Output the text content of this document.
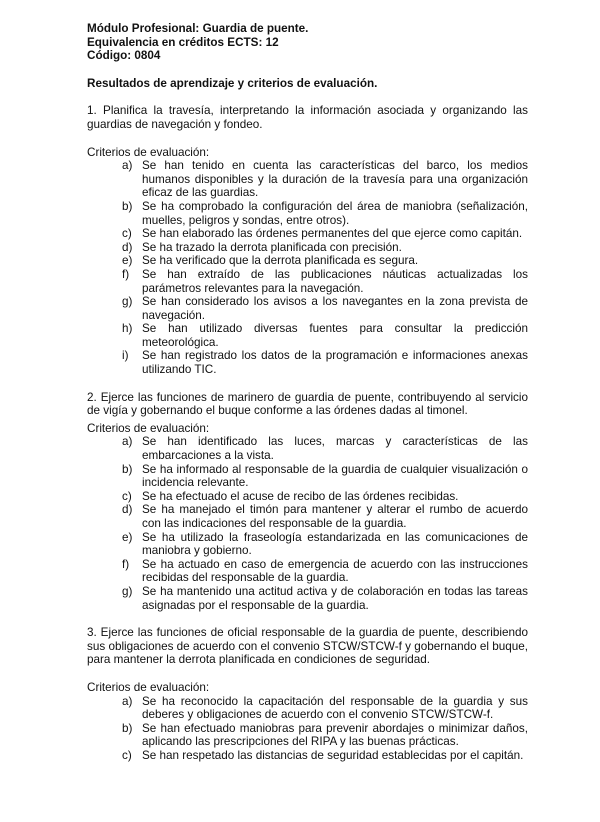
Módulo Profesional: Guardia de puente.
Equivalencia en créditos ECTS: 12
Código: 0804
Resultados de aprendizaje y criterios de evaluación.
1. Planifica la travesía, interpretando la información asociada y organizando las guardias de navegación y fondeo.
Criterios de evaluación:
a) Se han tenido en cuenta las características del barco, los medios humanos disponibles y la duración de la travesía para una organización eficaz de las guardias.
b) Se ha comprobado la configuración del área de maniobra (señalización, muelles, peligros y sondas, entre otros).
c) Se han elaborado las órdenes permanentes del que ejerce como capitán.
d) Se ha trazado la derrota planificada con precisión.
e) Se ha verificado que la derrota planificada es segura.
f) Se han extraído de las publicaciones náuticas actualizadas los parámetros relevantes para la navegación.
g) Se han considerado los avisos a los navegantes en la zona prevista de navegación.
h) Se han utilizado diversas fuentes para consultar la predicción meteorológica.
i) Se han registrado los datos de la programación e informaciones anexas utilizando TIC.
2. Ejerce las funciones de marinero de guardia de puente, contribuyendo al servicio de vigía y gobernando el buque conforme a las órdenes dadas al timonel.
Criterios de evaluación:
a) Se han identificado las luces, marcas y características de las embarcaciones a la vista.
b) Se ha informado al responsable de la guardia de cualquier visualización o incidencia relevante.
c) Se ha efectuado el acuse de recibo de las órdenes recibidas.
d) Se ha manejado el timón para mantener y alterar el rumbo de acuerdo con las indicaciones del responsable de la guardia.
e) Se ha utilizado la fraseología estandarizada en las comunicaciones de maniobra y gobierno.
f) Se ha actuado en caso de emergencia de acuerdo con las instrucciones recibidas del responsable de la guardia.
g) Se ha mantenido una actitud activa y de colaboración en todas las tareas asignadas por el responsable de la guardia.
3. Ejerce las funciones de oficial responsable de la guardia de puente, describiendo sus obligaciones de acuerdo con el convenio STCW/STCW-f y gobernando el buque, para mantener la derrota planificada en condiciones de seguridad.
Criterios de evaluación:
a) Se ha reconocido la capacitación del responsable de la guardia y sus deberes y obligaciones de acuerdo con el convenio STCW/STCW-f.
b) Se han efectuado maniobras para prevenir abordajes o minimizar daños, aplicando las prescripciones del RIPA y las buenas prácticas.
c) Se han respetado las distancias de seguridad establecidas por el capitán.
